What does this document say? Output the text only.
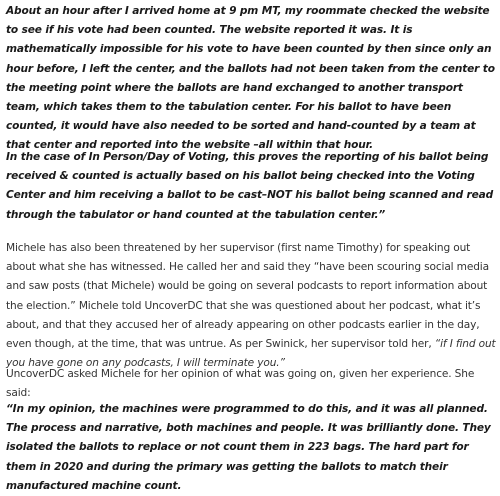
About an hour after I arrived home at 9 pm MT, my roommate checked the website to see if his vote had been counted. The website reported it was. It is mathematically impossible for his vote to have been counted by then since only an hour before, I left the center, and the ballots had not been taken from the center to the meeting point where the ballots are hand exchanged to another transport team, which takes them to the tabulation center. For his ballot to have been counted, it would have also needed to be sorted and hand-counted by a team at that center and reported into the website –all within that hour.

In the case of In Person/Day of Voting, this proves the reporting of his ballot being received & counted is actually based on his ballot being checked into the Voting Center and him receiving a ballot to be cast–NOT his ballot being scanned and read through the tabulator or hand counted at the tabulation center.”

Michele has also been threatened by her supervisor (first name Timothy) for speaking out about what she has witnessed. He called her and said they “have been scouring social media and saw posts (that Michele) would be going on several podcasts to report information about the election.” Michele told UncoverDC that she was questioned about her podcast, what it’s about, and that they accused her of already appearing on other podcasts earlier in the day, even though, at the time, that was untrue. As per Swinick, her supervisor told her, “if I find out you have gone on any podcasts, I will terminate you.”

UncoverDC asked Michele for her opinion of what was going on, given her experience. She said:

“In my opinion, the machines were programmed to do this, and it was all planned. The process and narrative, both machines and people. It was brilliantly done. They isolated the ballots to replace or not count them in 223 bags. The hard part for them in 2020 and during the primary was getting the ballots to match their manufactured machine count.
